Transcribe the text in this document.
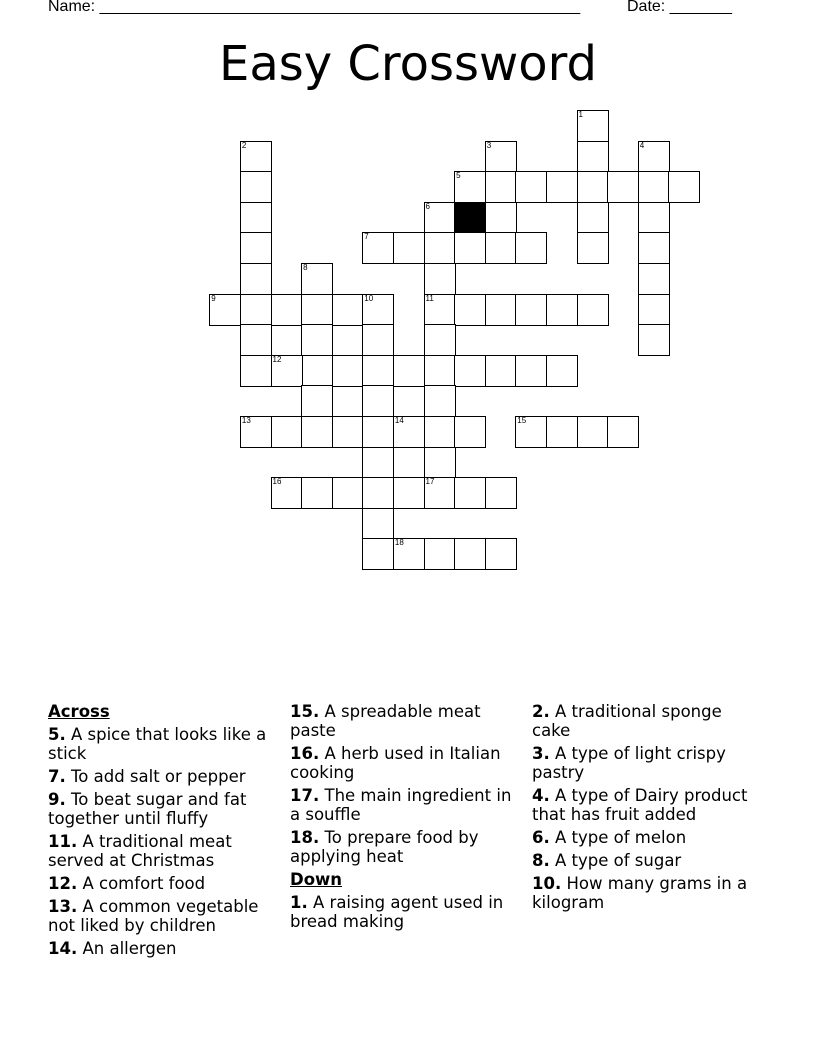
Name: ______________________________________________________	Date: _______
Easy Crossword
1
2	3	4
5
6
7
8
9	10	11
12
13	14	15
16	17
18
Across
5. A spice that looks like a stick
7. To add salt or pepper
9. To beat sugar and fat together until fluffy
11. A traditional meat served at Christmas
12. A comfort food
13. A common vegetable not liked by children
14. An allergen
15. A spreadable meat paste
16. A herb used in Italian cooking
17. The main ingredient in a souffle
18. To prepare food by applying heat
Down
1. A raising agent used in bread making
2. A traditional sponge cake
3. A type of light crispy pastry
4. A type of Dairy product that has fruit added
6. A type of melon
8. A type of sugar
10. How many grams in a kilogram
